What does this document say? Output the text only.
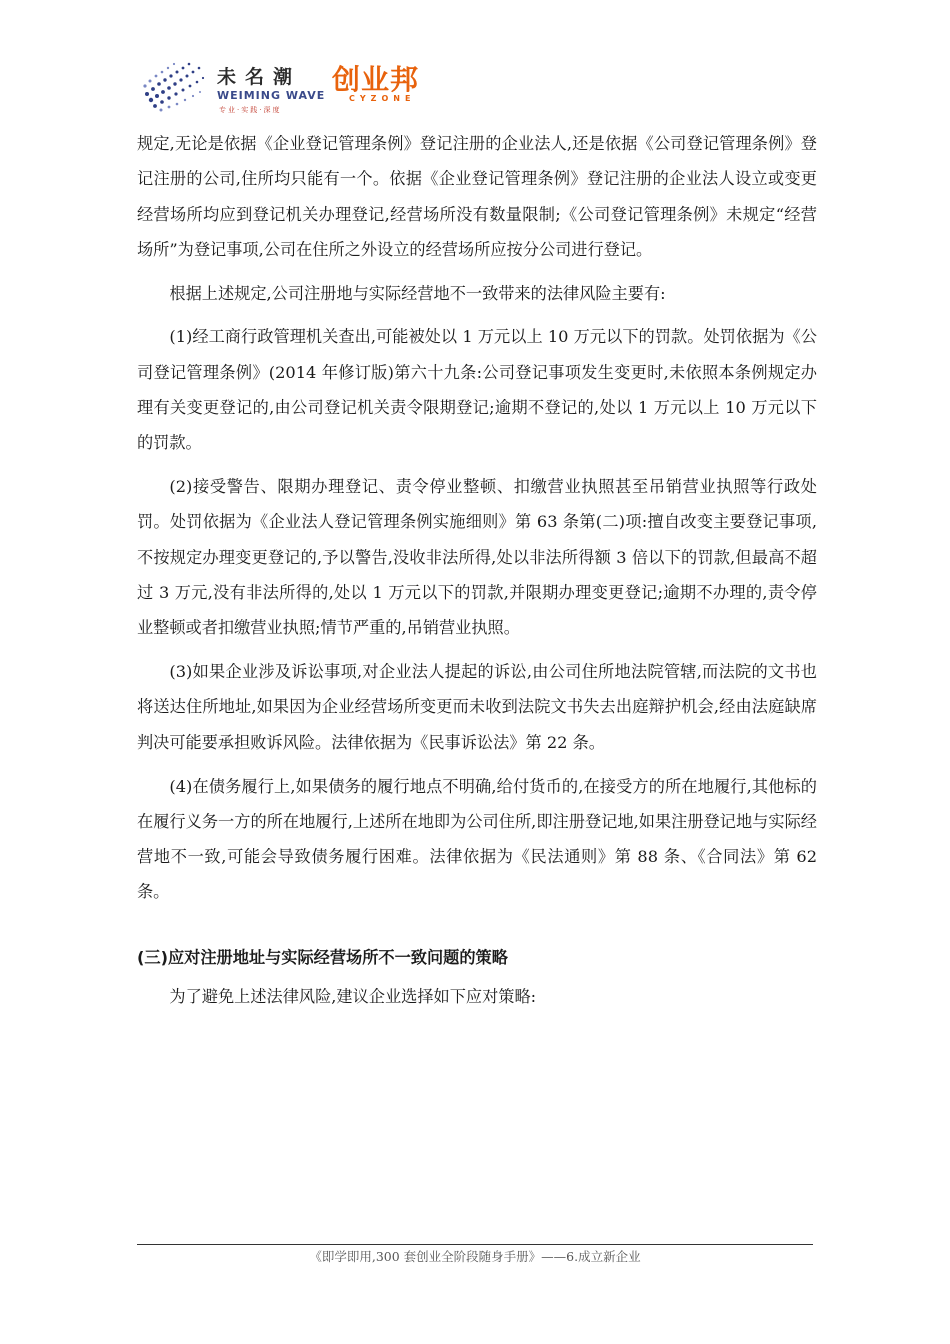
未名潮
WEIMING WAVE
专业·实践·深度
创业邦
CYZONE

规定,无论是依据《企业登记管理条例》登记注册的企业法人,还是依据《公司登记管理条例》登记注册的公司,住所均只能有一个。依据《企业登记管理条例》登记注册的企业法人设立或变更经营场所均应到登记机关办理登记,经营场所没有数量限制;《公司登记管理条例》未规定“经营场所”为登记事项,公司在住所之外设立的经营场所应按分公司进行登记。

根据上述规定,公司注册地与实际经营地不一致带来的法律风险主要有:

(1)经工商行政管理机关查出,可能被处以 1 万元以上 10 万元以下的罚款。处罚依据为《公司登记管理条例》(2014 年修订版)第六十九条:公司登记事项发生变更时,未依照本条例规定办理有关变更登记的,由公司登记机关责令限期登记;逾期不登记的,处以 1 万元以上 10 万元以下的罚款。

(2)接受警告、限期办理登记、责令停业整顿、扣缴营业执照甚至吊销营业执照等行政处罚。处罚依据为《企业法人登记管理条例实施细则》第 63 条第(二)项:擅自改变主要登记事项,不按规定办理变更登记的,予以警告,没收非法所得,处以非法所得额 3 倍以下的罚款,但最高不超过 3 万元,没有非法所得的,处以 1 万元以下的罚款,并限期办理变更登记;逾期不办理的,责令停业整顿或者扣缴营业执照;情节严重的,吊销营业执照。

(3)如果企业涉及诉讼事项,对企业法人提起的诉讼,由公司住所地法院管辖,而法院的文书也将送达住所地址,如果因为企业经营场所变更而未收到法院文书失去出庭辩护机会,经由法庭缺席判决可能要承担败诉风险。法律依据为《民事诉讼法》第 22 条。

(4)在债务履行上,如果债务的履行地点不明确,给付货币的,在接受方的所在地履行,其他标的在履行义务一方的所在地履行,上述所在地即为公司住所,即注册登记地,如果注册登记地与实际经营地不一致,可能会导致债务履行困难。法律依据为《民法通则》第 88 条、《合同法》第 62 条。

(三)应对注册地址与实际经营场所不一致问题的策略

为了避免上述法律风险,建议企业选择如下应对策略:

《即学即用,300 套创业全阶段随身手册》——6.成立新企业
